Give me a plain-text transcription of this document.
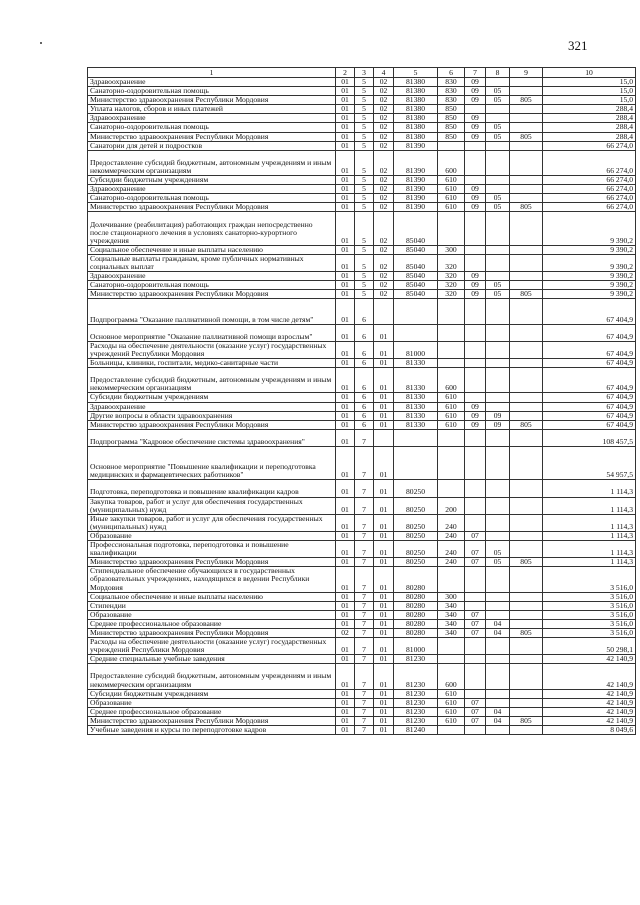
321
1	2	3	4	5	6	7	8	9	10
Здравоохранение	01	5	02	81380	830	09			15,0
Санаторно-оздоровительная помощь	01	5	02	81380	830	09	05		15,0
Министерство здравоохранения Республики Мордовия	01	5	02	81380	830	09	05	805	15,0
Уплата налогов, сборов и иных платежей	01	5	02	81380	850				288,4
Здравоохранение	01	5	02	81380	850	09			288,4
Санаторно-оздоровительная помощь	01	5	02	81380	850	09	05		288,4
Министерство здравоохранения Республики Мордовия	01	5	02	81380	850	09	05	805	288,4
Санатории для детей и подростков	01	5	02	81390					66 274,0
Предоставление субсидий бюджетным, автономным учреждениям и иным некоммерческим организациям	01	5	02	81390	600				66 274,0
Субсидии бюджетным учреждениям	01	5	02	81390	610				66 274,0
Здравоохранение	01	5	02	81390	610	09			66 274,0
Санаторно-оздоровительная помощь	01	5	02	81390	610	09	05		66 274,0
Министерство здравоохранения Республики Мордовия	01	5	02	81390	610	09	05	805	66 274,0
Долечивание (реабилитация) работающих граждан непосредственно после стационарного лечения в условиях санаторно-курортного учреждения	01	5	02	85040					9 390,2
Социальное обеспечение и иные выплаты населению	01	5	02	85040	300				9 390,2
Социальные выплаты гражданам, кроме публичных нормативных социальных выплат	01	5	02	85040	320				9 390,2
Здравоохранение	01	5	02	85040	320	09			9 390,2
Санаторно-оздоровительная помощь	01	5	02	85040	320	09	05		9 390,2
Министерство здравоохранения Республики Мордовия	01	5	02	85040	320	09	05	805	9 390,2
Подпрограмма "Оказание паллиативной помощи, в том числе детям"	01	6							67 404,9
Основное мероприятие "Оказание паллиативной помощи взрослым"	01	6	01						67 404,9
Расходы на обеспечение деятельности (оказание услуг) государственных учреждений Республики Мордовия	01	6	01	81000					67 404,9
Больницы, клиники, госпитали, медико-санитарные части	01	6	01	81330					67 404,9
Предоставление субсидий бюджетным, автономным учреждениям и иным некоммерческим организациям	01	6	01	81330	600				67 404,9
Субсидии бюджетным учреждениям	01	6	01	81330	610				67 404,9
Здравоохранение	01	6	01	81330	610	09			67 404,9
Другие вопросы в области здравоохранения	01	6	01	81330	610	09	09		67 404,9
Министерство здравоохранения Республики Мордовия	01	6	01	81330	610	09	09	805	67 404,9
Подпрограмма "Кадровое обеспечение системы здравоохранения"	01	7							108 457,5
Основное мероприятие "Повышение квалификации и переподготовка медицинских и фармацевтических работников"	01	7	01						54 957,5
Подготовка, переподготовка и повышение квалификации кадров	01	7	01	80250					1 114,3
Закупка товаров, работ и услуг для обеспечения государственных (муниципальных) нужд	01	7	01	80250	200				1 114,3
Иные закупки товаров, работ и услуг для обеспечения государственных (муниципальных) нужд	01	7	01	80250	240				1 114,3
Образование	01	7	01	80250	240	07			1 114,3
Профессиональная подготовка, переподготовка и повышение квалификации	01	7	01	80250	240	07	05		1 114,3
Министерство здравоохранения Республики Мордовия	01	7	01	80250	240	07	05	805	1 114,3
Стипендиальное обеспечение обучающихся в государственных образовательных учреждениях, находящихся в ведении Республики Мордовия	01	7	01	80280					3 516,0
Социальное обеспечение и иные выплаты населению	01	7	01	80280	300				3 516,0
Стипендии	01	7	01	80280	340				3 516,0
Образование	01	7	01	80280	340	07			3 516,0
Среднее профессиональное образование	01	7	01	80280	340	07	04		3 516,0
Министерство здравоохранения Республики Мордовия	02	7	01	80280	340	07	04	805	3 516,0
Расходы на обеспечение деятельности (оказание услуг) государственных учреждений Республики Мордовия	01	7	01	81000					50 298,1
Средние специальные учебные заведения	01	7	01	81230					42 140,9
Предоставление субсидий бюджетным, автономным учреждениям и иным некоммерческим организациям	01	7	01	81230	600				42 140,9
Субсидии бюджетным учреждениям	01	7	01	81230	610				42 140,9
Образование	01	7	01	81230	610	07			42 140,9
Среднее профессиональное образование	01	7	01	81230	610	07	04		42 140,9
Министерство здравоохранения Республики Мордовия	01	7	01	81230	610	07	04	805	42 140,9
Учебные заведения и курсы по переподготовке кадров	01	7	01	81240					8 049,6
